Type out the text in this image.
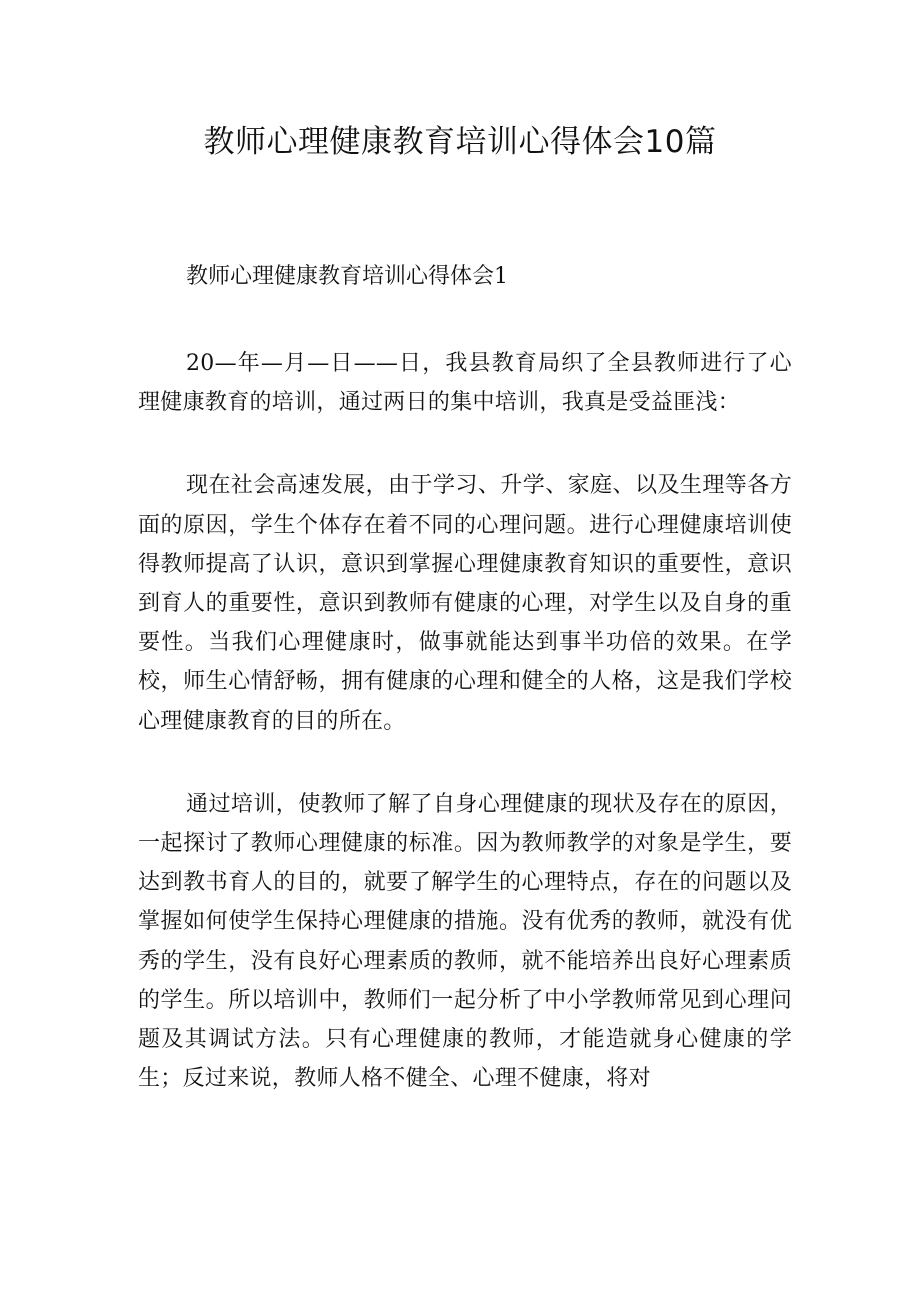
教师心理健康教育培训心得体会10篇
教师心理健康教育培训心得体会1

20—年—月—日——日，我县教育局织了全县教师进行了心理健康教育的培训，通过两日的集中培训，我真是受益匪浅：

现在社会高速发展，由于学习、升学、家庭、以及生理等各方面的原因，学生个体存在着不同的心理问题。进行心理健康培训使得教师提高了认识，意识到掌握心理健康教育知识的重要性，意识到育人的重要性，意识到教师有健康的心理，对学生以及自身的重要性。当我们心理健康时，做事就能达到事半功倍的效果。在学校，师生心情舒畅，拥有健康的心理和健全的人格，这是我们学校心理健康教育的目的所在。

通过培训，使教师了解了自身心理健康的现状及存在的原因，一起探讨了教师心理健康的标准。因为教师教学的对象是学生，要达到教书育人的目的，就要了解学生的心理特点，存在的问题以及掌握如何使学生保持心理健康的措施。没有优秀的教师，就没有优秀的学生，没有良好心理素质的教师，就不能培养出良好心理素质的学生。所以培训中，教师们一起分析了中小学教师常见到心理问题及其调试方法。只有心理健康的教师，才能造就身心健康的学生；反过来说，教师人格不健全、心理不健康，将对
